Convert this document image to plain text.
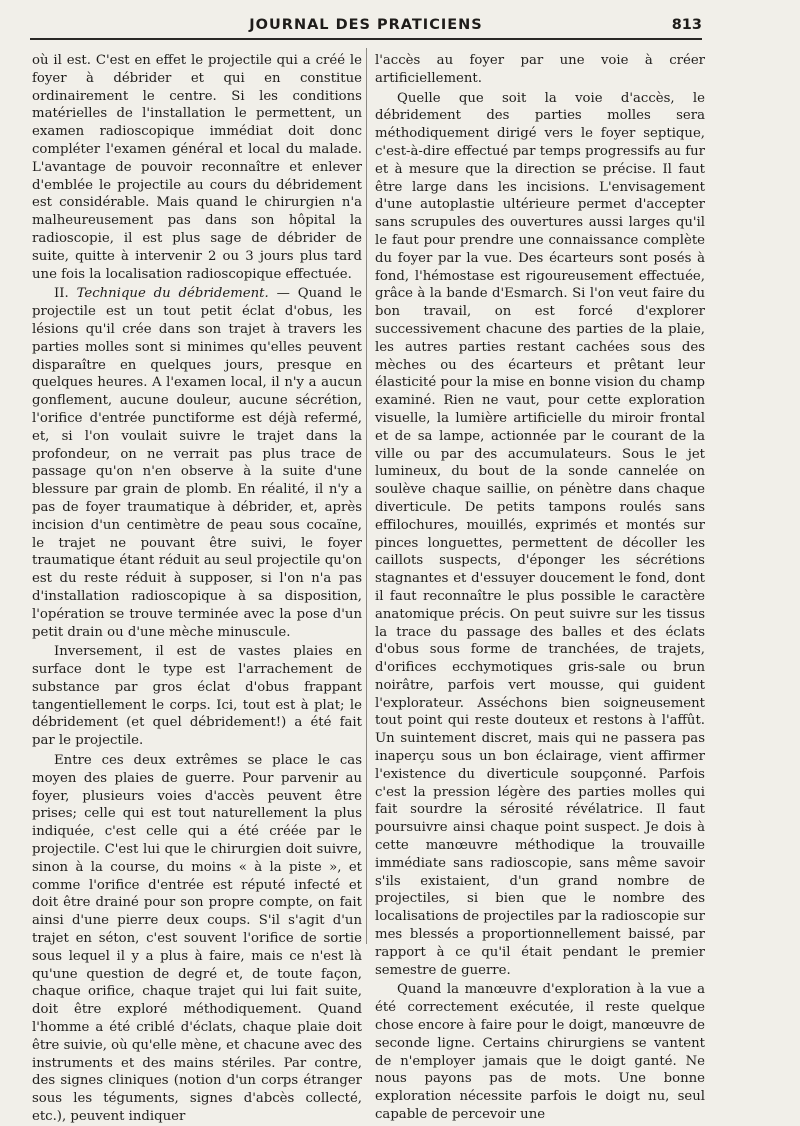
JOURNAL DES PRATICIENS	813

où il est. C'est en effet le projectile qui a créé le foyer à débrider et qui en constitue ordinairement le centre. Si les conditions matérielles de l'installation le permettent, un examen radioscopique immédiat doit donc compléter l'examen général et local du malade. L'avantage de pouvoir reconnaître et enlever d'emblée le projectile au cours du débridement est considérable. Mais quand le chirurgien n'a malheureusement pas dans son hôpital la radioscopie, il est plus sage de débrider de suite, quitte à intervenir 2 ou 3 jours plus tard une fois la localisation radioscopique effectuée.

II. Technique du débridement. — Quand le projectile est un tout petit éclat d'obus, les lésions qu'il crée dans son trajet à travers les parties molles sont si minimes qu'elles peuvent disparaître en quelques jours, presque en quelques heures. A l'examen local, il n'y a aucun gonflement, aucune douleur, aucune sécrétion, l'orifice d'entrée punctiforme est déjà refermé, et, si l'on voulait suivre le trajet dans la profondeur, on ne verrait pas plus trace de passage qu'on n'en observe à la suite d'une blessure par grain de plomb. En réalité, il n'y a pas de foyer traumatique à débrider, et, après incision d'un centimètre de peau sous cocaïne, le trajet ne pouvant être suivi, le foyer traumatique étant réduit au seul projectile qu'on est du reste réduit à supposer, si l'on n'a pas d'installation radioscopique à sa disposition, l'opération se trouve terminée avec la pose d'un petit drain ou d'une mèche minuscule.

Inversement, il est de vastes plaies en surface dont le type est l'arrachement de substance par gros éclat d'obus frappant tangentiellement le corps. Ici, tout est à plat; le débridement (et quel débridement!) a été fait par le projectile.

Entre ces deux extrêmes se place le cas moyen des plaies de guerre. Pour parvenir au foyer, plusieurs voies d'accès peuvent être prises; celle qui est tout naturellement la plus indiquée, c'est celle qui a été créée par le projectile. C'est lui que le chirurgien doit suivre, sinon à la course, du moins « à la piste », et comme l'orifice d'entrée est réputé infecté et doit être drainé pour son propre compte, on fait ainsi d'une pierre deux coups. S'il s'agit d'un trajet en séton, c'est souvent l'orifice de sortie sous lequel il y a plus à faire, mais ce n'est là qu'une question de degré et, de toute façon, chaque orifice, chaque trajet qui lui fait suite, doit être exploré méthodiquement. Quand l'homme a été criblé d'éclats, chaque plaie doit être suivie, où qu'elle mène, et chacune avec des instruments et des mains stériles. Par contre, des signes cliniques (notion d'un corps étranger sous les téguments, signes d'abcès collecté, etc.), peuvent indiquer

l'accès au foyer par une voie à créer artificiellement.

Quelle que soit la voie d'accès, le débridement des parties molles sera méthodiquement dirigé vers le foyer septique, c'est-à-dire effectué par temps progressifs au fur et à mesure que la direction se précise. Il faut être large dans les incisions. L'envisagement d'une autoplastie ultérieure permet d'accepter sans scrupules des ouvertures aussi larges qu'il le faut pour prendre une connaissance complète du foyer par la vue. Des écarteurs sont posés à fond, l'hémostase est rigoureusement effectuée, grâce à la bande d'Esmarch. Si l'on veut faire du bon travail, on est forcé d'explorer successivement chacune des parties de la plaie, les autres parties restant cachées sous des mèches ou des écarteurs et prêtant leur élasticité pour la mise en bonne vision du champ examiné. Rien ne vaut, pour cette exploration visuelle, la lumière artificielle du miroir frontal et de sa lampe, actionnée par le courant de la ville ou par des accumulateurs. Sous le jet lumineux, du bout de la sonde cannelée on soulève chaque saillie, on pénètre dans chaque diverticule. De petits tampons roulés sans effilochures, mouillés, exprimés et montés sur pinces longuettes, permettent de décoller les caillots suspects, d'éponger les sécrétions stagnantes et d'essuyer doucement le fond, dont il faut reconnaître le plus possible le caractère anatomique précis. On peut suivre sur les tissus la trace du passage des balles et des éclats d'obus sous forme de tranchées, de trajets, d'orifices ecchymotiques gris-sale ou brun noirâtre, parfois vert mousse, qui guident l'explorateur. Asséchons bien soigneusement tout point qui reste douteux et restons à l'affût. Un suintement discret, mais qui ne passera pas inaperçu sous un bon éclairage, vient affirmer l'existence du diverticule soupçonné. Parfois c'est la pression légère des parties molles qui fait sourdre la sérosité révélatrice. Il faut poursuivre ainsi chaque point suspect. Je dois à cette manœuvre méthodique la trouvaille immédiate sans radioscopie, sans même savoir s'ils existaient, d'un grand nombre de projectiles, si bien que le nombre des localisations de projectiles par la radioscopie sur mes blessés a proportionnellement baissé, par rapport à ce qu'il était pendant le premier semestre de guerre.

Quand la manœuvre d'exploration à la vue a été correctement exécutée, il reste quelque chose encore à faire pour le doigt, manœuvre de seconde ligne. Certains chirurgiens se vantent de n'employer jamais que le doigt ganté. Ne nous payons pas de mots. Une bonne exploration nécessite parfois le doigt nu, seul capable de percevoir une
